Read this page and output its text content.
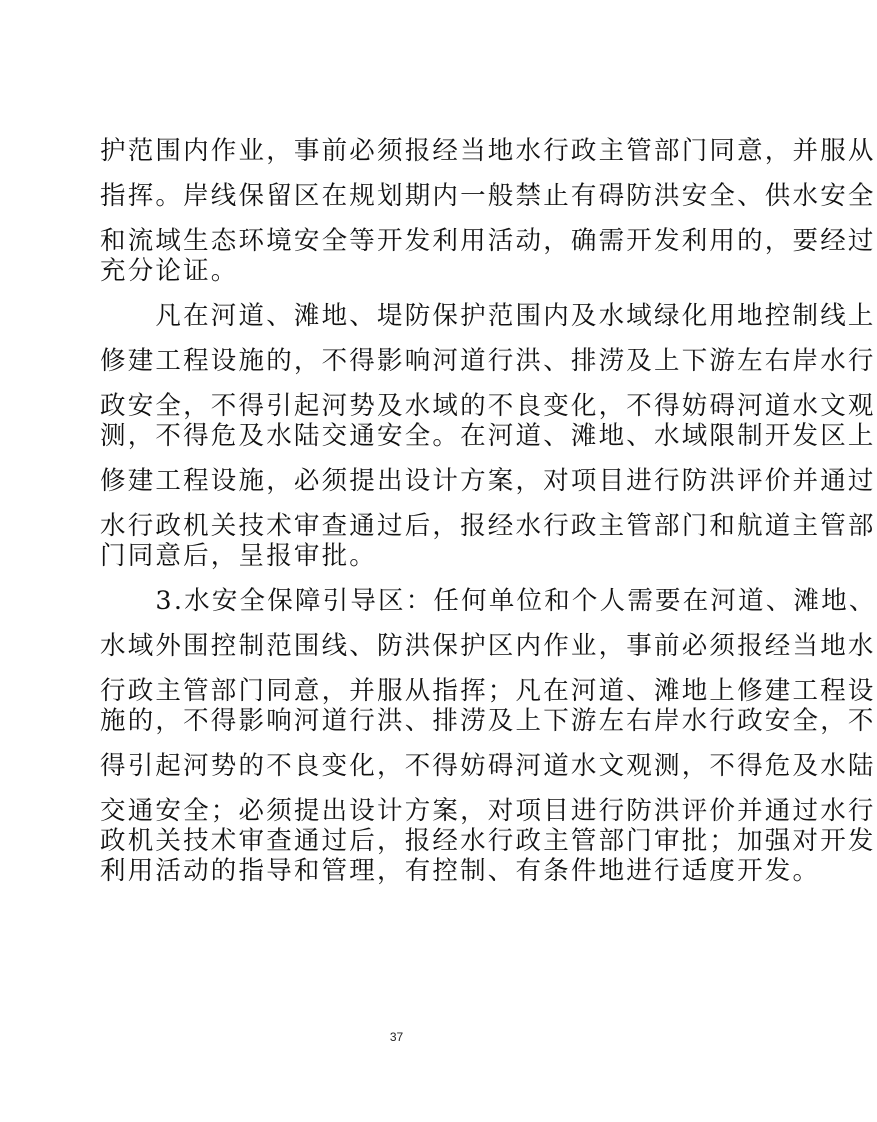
护范围内作业，事前必须报经当地水行政主管部门同意，并服从
指挥。岸线保留区在规划期内一般禁止有碍防洪安全、供水安全
和流域生态环境安全等开发利用活动，确需开发利用的，要经过
充分论证。
　　凡在河道、滩地、堤防保护范围内及水域绿化用地控制线上
修建工程设施的，不得影响河道行洪、排涝及上下游左右岸水行
政安全，不得引起河势及水域的不良变化，不得妨碍河道水文观
测，不得危及水陆交通安全。在河道、滩地、水域限制开发区上
修建工程设施，必须提出设计方案，对项目进行防洪评价并通过
水行政机关技术审查通过后，报经水行政主管部门和航道主管部
门同意后，呈报审批。
　　3.水安全保障引导区：任何单位和个人需要在河道、滩地、
水域外围控制范围线、防洪保护区内作业，事前必须报经当地水
行政主管部门同意，并服从指挥；凡在河道、滩地上修建工程设
施的，不得影响河道行洪、排涝及上下游左右岸水行政安全，不
得引起河势的不良变化，不得妨碍河道水文观测，不得危及水陆
交通安全；必须提出设计方案，对项目进行防洪评价并通过水行
政机关技术审查通过后，报经水行政主管部门审批；加强对开发
利用活动的指导和管理，有控制、有条件地进行适度开发。
37
